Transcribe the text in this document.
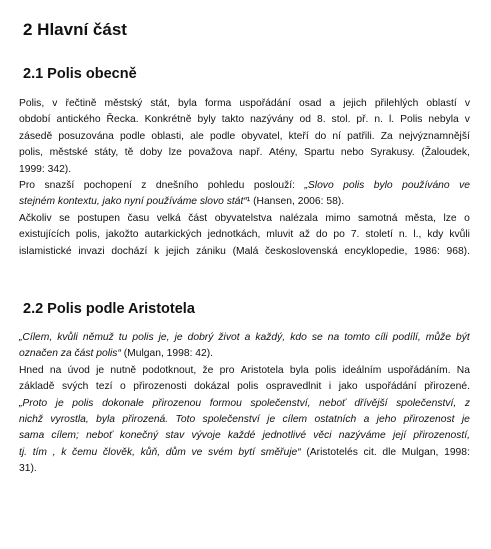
2 Hlavní část
2.1 Polis obecně
Polis, v řečtině městský stát, byla forma uspořádání osad a jejich přilehlých oblastí v
období antického Řecka. Konkrétně byly takto nazývány od 8. stol. př. n. l. Polis nebyla v
zásedě posuzována podle oblasti, ale podle obyvatel, kteří do ní patřili. Za nejvýznamnější
polis, městské státy, tě doby lze považova např. Atény, Spartu nebo Syrakusy. (Žaloudek,
1999: 342).
Pro snazší pochopení z dnešního pohledu poslouží: „Slovo polis bylo používáno ve
stejném kontextu, jako nyní používáme slovo stát“¹ (Hansen, 2006: 58).
Ačkoliv se postupen času velká část obyvatelstva nalézala mimo samotná města, lze o
existujících polis, jakožto autarkických jednotkách, mluvit až do po 7. století n. l., kdy kvůli
islamistické invazi dochází k jejich zániku (Malá československá encyklopedie, 1986: 968).
2.2 Polis podle Aristotela
„Cílem, kvůli němuž tu polis je, je dobrý život a každý, kdo se na tomto cíli podílí, může být
označen za část polis“ (Mulgan, 1998: 42).
Hned na úvod je nutně podotknout, že pro Aristotela byla polis ideálním uspořádáním. Na
základě svých tezí o přirozenosti dokázal polis ospravedlnit i jako uspořádání přirozené.
„Proto je polis dokonale přirozenou formou společenství, neboť dřívější společenství, z
nichž vyrostla, byla přirozená. Toto společenství je cílem ostatních a jeho přirozenost je
sama cílem; neboť konečný stav vývoje každé jednotlivé věci nazýváme její přirozeností,
tj. tím , k čemu člověk, kůň, dům ve svém bytí směřuje“ (Aristotelés cit. dle Mulgan, 1998:
31).
